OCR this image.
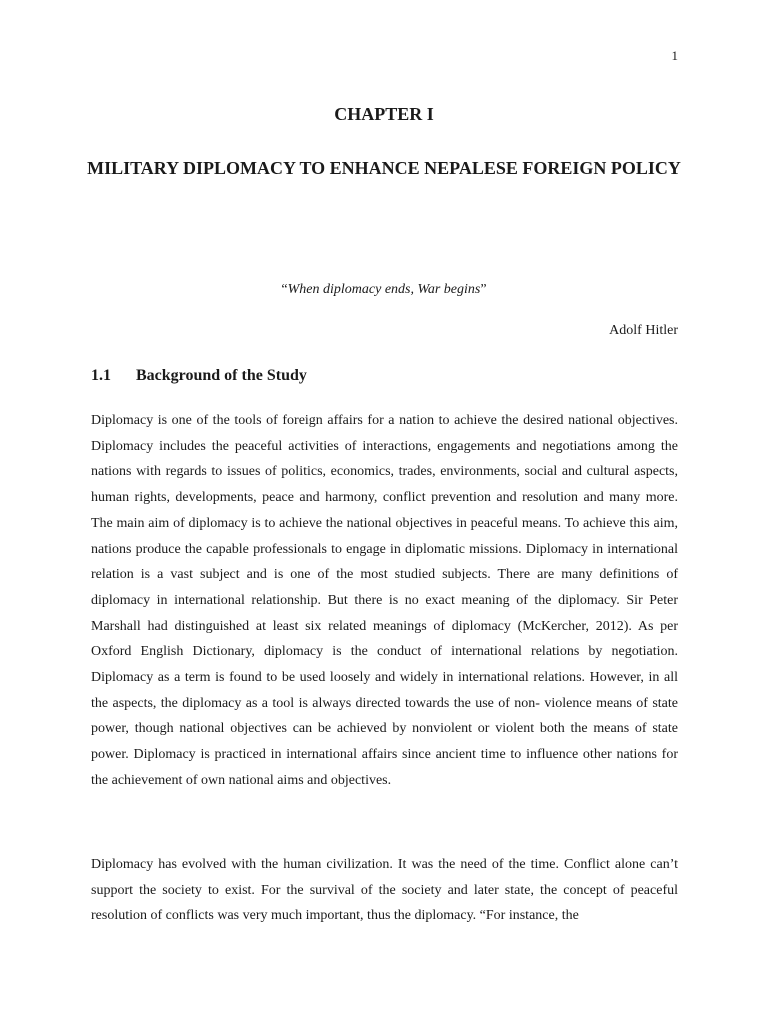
1
CHAPTER I
MILITARY DIPLOMACY TO ENHANCE NEPALESE FOREIGN POLICY
“When diplomacy ends, War begins”
Adolf Hitler
1.1 Background of the Study

Diplomacy is one of the tools of foreign affairs for a nation to achieve the desired national objectives. Diplomacy includes the peaceful activities of interactions, engagements and negotiations among the nations with regards to issues of politics, economics, trades, environments, social and cultural aspects, human rights, developments, peace and harmony, conflict prevention and resolution and many more. The main aim of diplomacy is to achieve the national objectives in peaceful means. To achieve this aim, nations produce the capable professionals to engage in diplomatic missions. Diplomacy in international relation is a vast subject and is one of the most studied subjects. There are many definitions of diplomacy in international relationship. But there is no exact meaning of the diplomacy. Sir Peter Marshall had distinguished at least six related meanings of diplomacy (McKercher, 2012). As per Oxford English Dictionary, diplomacy is the conduct of international relations by negotiation. Diplomacy as a term is found to be used loosely and widely in international relations. However, in all the aspects, the diplomacy as a tool is always directed towards the use of non- violence means of state power, though national objectives can be achieved by nonviolent or violent both the means of state power. Diplomacy is practiced in international affairs since ancient time to influence other nations for the achievement of own national aims and objectives.

Diplomacy has evolved with the human civilization. It was the need of the time. Conflict alone can’t support the society to exist. For the survival of the society and later state, the concept of peaceful resolution of conflicts was very much important, thus the diplomacy. “For instance, the
